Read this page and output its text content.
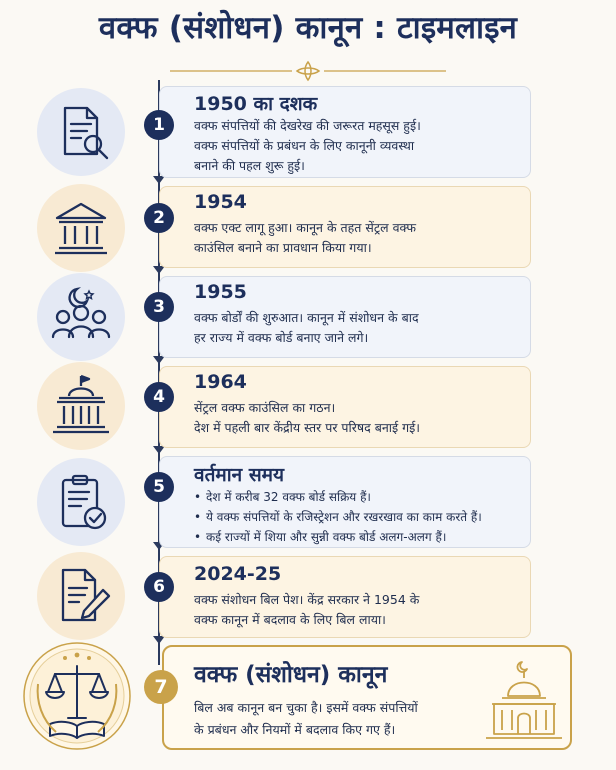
वक्फ (संशोधन) कानून : टाइमलाइन
1
1950 का दशक
वक्फ संपत्तियों की देखरेख की जरूरत महसूस हुई।
वक्फ संपत्तियों के प्रबंधन के लिए कानूनी व्यवस्था
बनाने की पहल शुरू हुई।
2
1954
वक्फ एक्ट लागू हुआ। कानून के तहत सेंट्रल वक्फ
काउंसिल बनाने का प्रावधान किया गया।
3
1955
वक्फ बोर्डों की शुरुआत। कानून में संशोधन के बाद
हर राज्य में वक्फ बोर्ड बनाए जाने लगे।
4
1964
सेंट्रल वक्फ काउंसिल का गठन।
देश में पहली बार केंद्रीय स्तर पर परिषद बनाई गई।
5
वर्तमान समय
• देश में करीब 32 वक्फ बोर्ड सक्रिय हैं।
• ये वक्फ संपत्तियों के रजिस्ट्रेशन और रखरखाव का काम करते हैं।
• कई राज्यों में शिया और सुन्नी वक्फ बोर्ड अलग-अलग हैं।
6
2024-25
वक्फ संशोधन बिल पेश। केंद्र सरकार ने 1954 के
वक्फ कानून में बदलाव के लिए बिल लाया।
7	वक्फ (संशोधन) कानून
बिल अब कानून बन चुका है। इसमें वक्फ संपत्तियों
के प्रबंधन और नियमों में बदलाव किए गए हैं।
